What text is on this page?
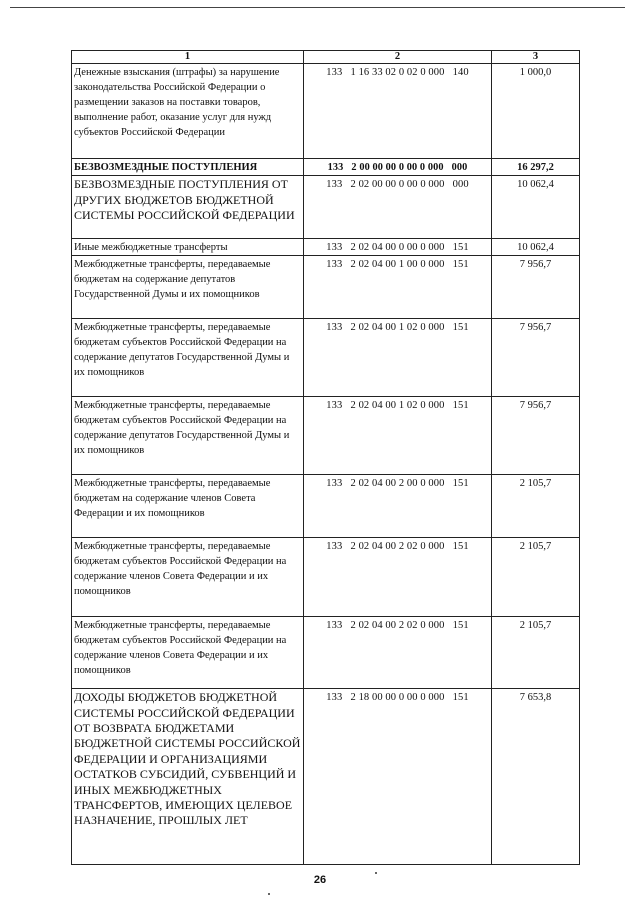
1	2	3
Денежные взыскания (штрафы) за нарушение законодательства Российской Федерации о размещении заказов на поставки товаров, выполнение работ, оказание услуг для нужд субъектов Российской Федерации	133   1 16 33 02 0 02 0 000   140	1 000,0
БЕЗВОЗМЕЗДНЫЕ ПОСТУПЛЕНИЯ	133   2 00 00 00 0 00 0 000   000	16 297,2
БЕЗВОЗМЕЗДНЫЕ ПОСТУПЛЕНИЯ ОТ ДРУГИХ БЮДЖЕТОВ БЮДЖЕТНОЙ СИСТЕМЫ РОССИЙСКОЙ ФЕДЕРАЦИИ	133   2 02 00 00 0 00 0 000   000	10 062,4
Иные межбюджетные трансферты	133   2 02 04 00 0 00 0 000   151	10 062,4
Межбюджетные трансферты, передаваемые бюджетам на содержание депутатов Государственной Думы и их помощников	133   2 02 04 00 1 00 0 000   151	7 956,7
Межбюджетные трансферты, передаваемые бюджетам субъектов Российской Федерации на содержание депутатов Государственной Думы и их помощников	133   2 02 04 00 1 02 0 000   151	7 956,7
Межбюджетные трансферты, передаваемые бюджетам субъектов Российской Федерации на содержание депутатов Государственной Думы и их помощников	133   2 02 04 00 1 02 0 000   151	7 956,7
Межбюджетные трансферты, передаваемые бюджетам на содержание членов Совета Федерации и их помощников	133   2 02 04 00 2 00 0 000   151	2 105,7
Межбюджетные трансферты, передаваемые бюджетам субъектов Российской Федерации на содержание членов Совета Федерации и их помощников	133   2 02 04 00 2 02 0 000   151	2 105,7
Межбюджетные трансферты, передаваемые бюджетам субъектов Российской Федерации на содержание членов Совета Федерации и их помощников	133   2 02 04 00 2 02 0 000   151	2 105,7
ДОХОДЫ БЮДЖЕТОВ БЮДЖЕТНОЙ СИСТЕМЫ РОССИЙСКОЙ ФЕДЕРАЦИИ ОТ ВОЗВРАТА БЮДЖЕТАМИ БЮДЖЕТНОЙ СИСТЕМЫ РОССИЙСКОЙ ФЕДЕРАЦИИ И ОРГАНИЗАЦИЯМИ ОСТАТКОВ СУБСИДИЙ, СУБВЕНЦИЙ И ИНЫХ МЕЖБЮДЖЕТНЫХ ТРАНСФЕРТОВ, ИМЕЮЩИХ ЦЕЛЕВОЕ НАЗНАЧЕНИЕ, ПРОШЛЫХ ЛЕТ	133   2 18 00 00 0 00 0 000   151	7 653,8
26
